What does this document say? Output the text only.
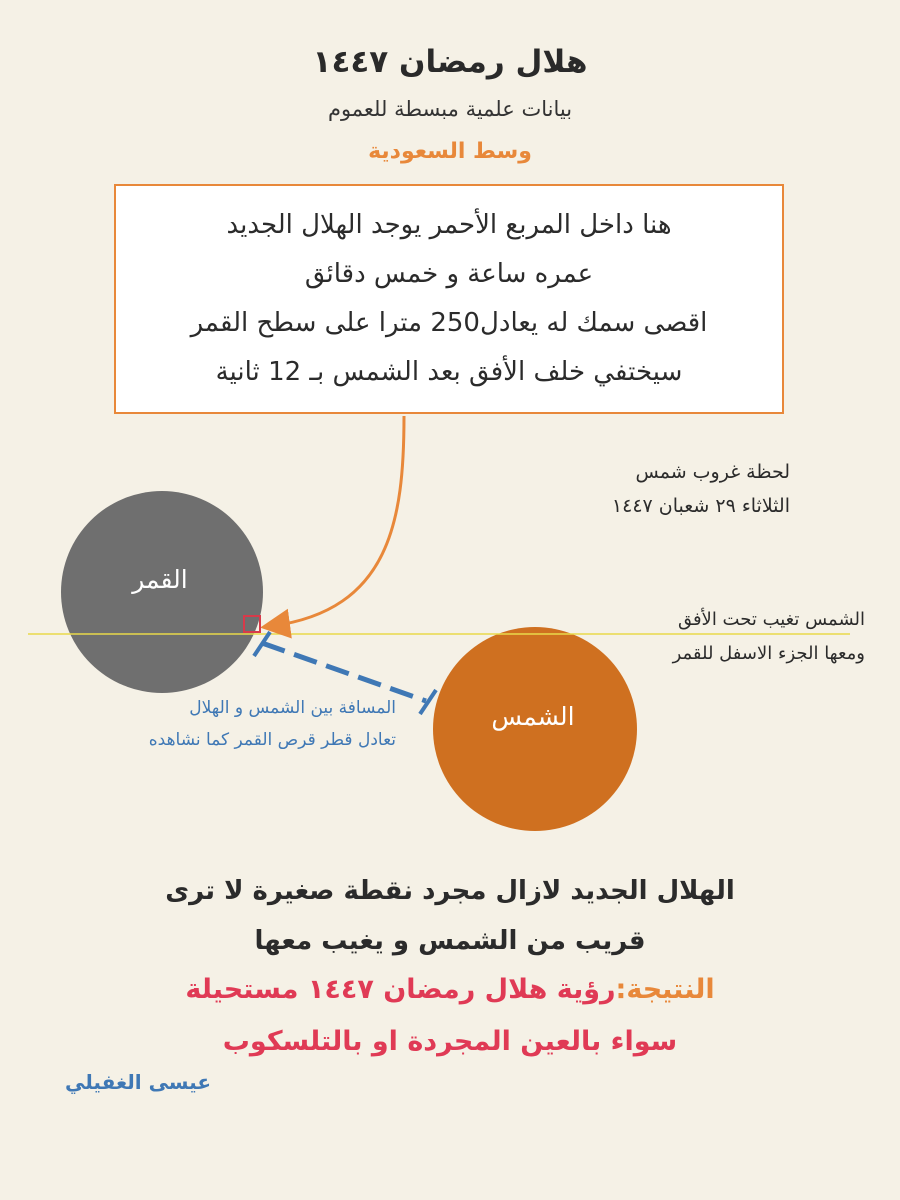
هلال رمضان ١٤٤٧
بيانات علمية مبسطة للعموم
وسط السعودية
هنا داخل المربع الأحمر يوجد الهلال الجديد
عمره ساعة و خمس دقائق
اقصى سمك له يعادل250 مترا على سطح القمر
سيختفي خلف الأفق بعد الشمس بـ 12 ثانية
لحظة غروب شمس
الثلاثاء ٢٩ شعبان ١٤٤٧
القمر
الشمس
الشمس تغيب تحت الأفق
ومعها الجزء الاسفل للقمر
المسافة بين الشمس و الهلال
تعادل قطر قرص القمر كما نشاهده
الهلال الجديد لازال مجرد نقطة صغيرة لا ترى
قريب من الشمس و يغيب معها
النتيجة:رؤية هلال رمضان ١٤٤٧ مستحيلة
سواء بالعين المجردة او بالتلسكوب
عيسى الغفيلي
